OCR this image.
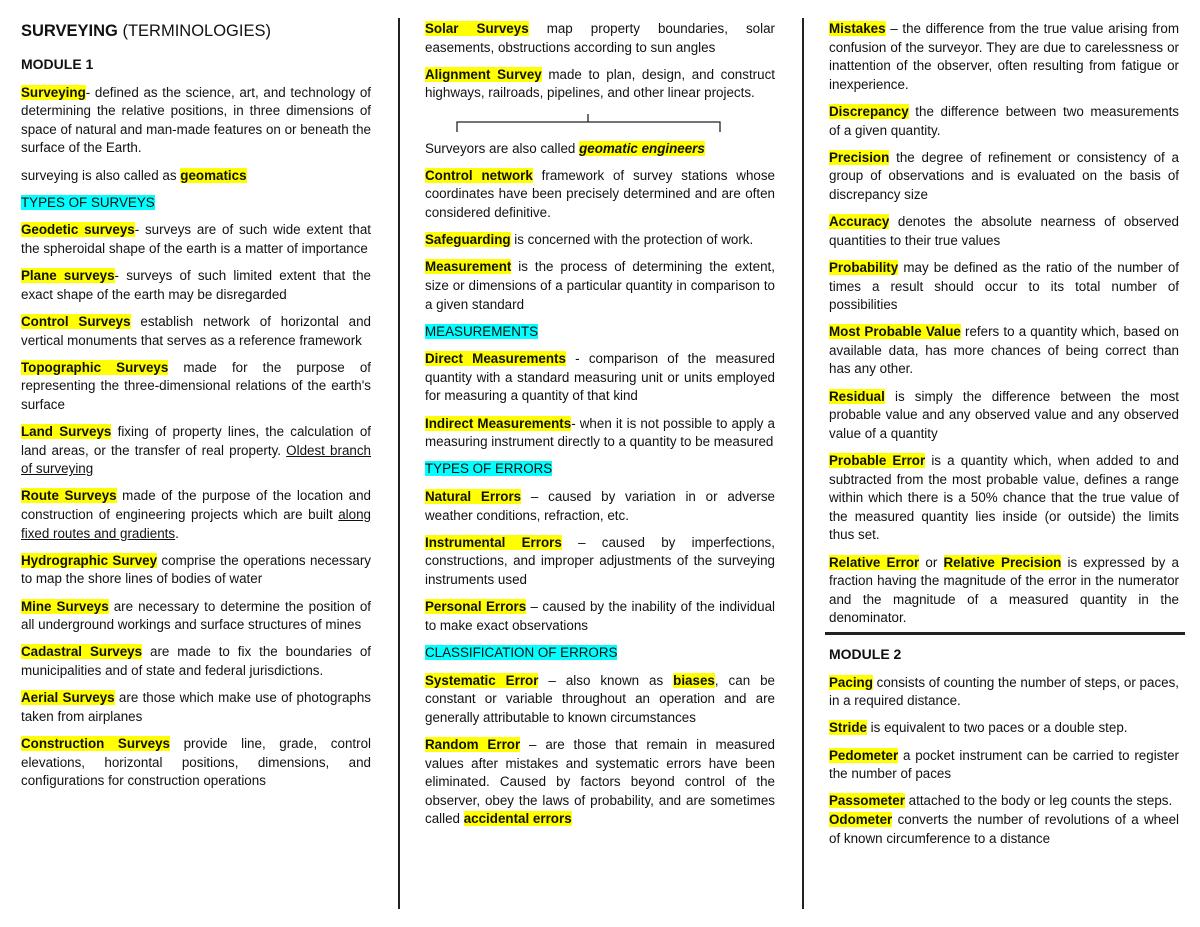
SURVEYING (TERMINOLOGIES)

MODULE 1

Surveying- defined as the science, art, and technology of determining the relative positions, in three dimensions of space of natural and man-made features on or beneath the surface of the Earth.

surveying is also called as geomatics

TYPES OF SURVEYS

Geodetic surveys- surveys are of such wide extent that the spheroidal shape of the earth is a matter of importance

Plane surveys- surveys of such limited extent that the exact shape of the earth may be disregarded

Control Surveys establish network of horizontal and vertical monuments that serves as a reference framework

Topographic Surveys made for the purpose of representing the three-dimensional relations of the earth's surface

Land Surveys fixing of property lines, the calculation of land areas, or the transfer of real property. Oldest branch of surveying

Route Surveys made of the purpose of the location and construction of engineering projects which are built along fixed routes and gradients.

Hydrographic Survey comprise the operations necessary to map the shore lines of bodies of water

Mine Surveys are necessary to determine the position of all underground workings and surface structures of mines

Cadastral Surveys are made to fix the boundaries of municipalities and of state and federal jurisdictions.

Aerial Surveys are those which make use of photographs taken from airplanes

Construction Surveys provide line, grade, control elevations, horizontal positions, dimensions, and configurations for construction operations

Solar Surveys map property boundaries, solar easements, obstructions according to sun angles

Alignment Survey made to plan, design, and construct highways, railroads, pipelines, and other linear projects.

Surveyors are also called geomatic engineers

Control network framework of survey stations whose coordinates have been precisely determined and are often considered definitive.

Safeguarding is concerned with the protection of work.

Measurement is the process of determining the extent, size or dimensions of a particular quantity in comparison to a given standard

MEASUREMENTS

Direct Measurements - comparison of the measured quantity with a standard measuring unit or units employed for measuring a quantity of that kind

Indirect Measurements- when it is not possible to apply a measuring instrument directly to a quantity to be measured

TYPES OF ERRORS

Natural Errors – caused by variation in or adverse weather conditions, refraction, etc.

Instrumental Errors – caused by imperfections, constructions, and improper adjustments of the surveying instruments used

Personal Errors – caused by the inability of the individual to make exact observations

CLASSIFICATION OF ERRORS

Systematic Error – also known as biases, can be constant or variable throughout an operation and are generally attributable to known circumstances

Random Error – are those that remain in measured values after mistakes and systematic errors have been eliminated. Caused by factors beyond control of the observer, obey the laws of probability, and are sometimes called accidental errors

Mistakes – the difference from the true value arising from confusion of the surveyor. They are due to carelessness or inattention of the observer, often resulting from fatigue or inexperience.

Discrepancy the difference between two measurements of a given quantity.

Precision the degree of refinement or consistency of a group of observations and is evaluated on the basis of discrepancy size

Accuracy denotes the absolute nearness of observed quantities to their true values

Probability may be defined as the ratio of the number of times a result should occur to its total number of possibilities

Most Probable Value refers to a quantity which, based on available data, has more chances of being correct than has any other.

Residual is simply the difference between the most probable value and any observed value and any observed value of a quantity

Probable Error is a quantity which, when added to and subtracted from the most probable value, defines a range within which there is a 50% chance that the true value of the measured quantity lies inside (or outside) the limits thus set.

Relative Error or Relative Precision is expressed by a fraction having the magnitude of the error in the numerator and the magnitude of a measured quantity in the denominator.

MODULE 2

Pacing consists of counting the number of steps, or paces, in a required distance.

Stride is equivalent to two paces or a double step.

Pedometer a pocket instrument can be carried to register the number of paces

Passometer attached to the body or leg counts the steps.

Odometer converts the number of revolutions of a wheel of known circumference to a distance
